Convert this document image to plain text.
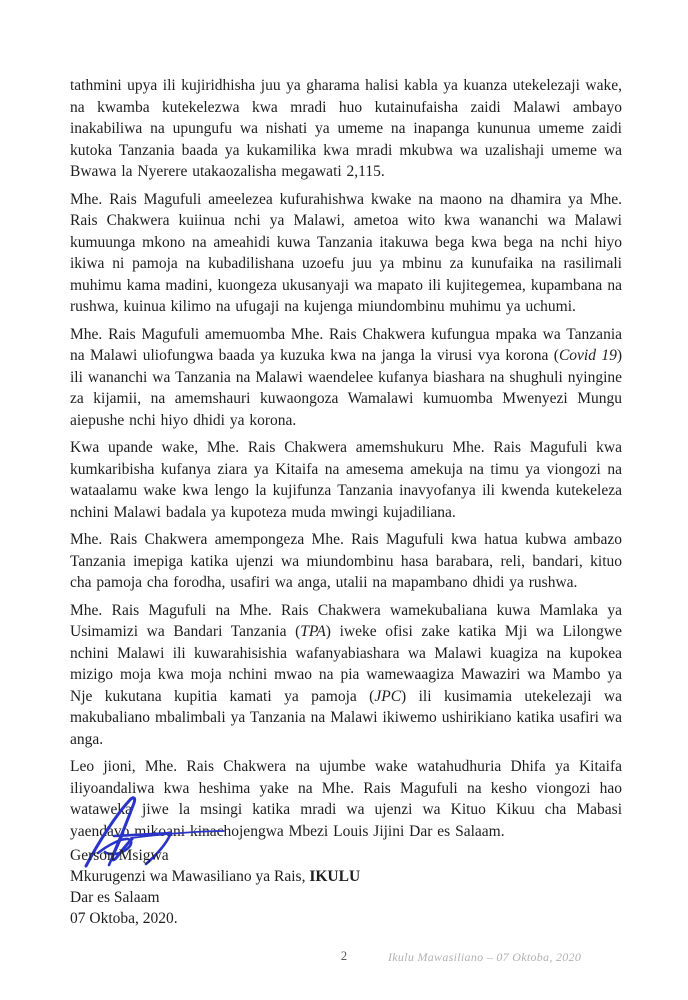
tathmini upya ili kujiridhisha juu ya gharama halisi kabla ya kuanza utekelezaji wake, na kwamba kutekelezwa kwa mradi huo kutainufaisha zaidi Malawi ambayo inakabiliwa na upungufu wa nishati ya umeme na inapanga kununua umeme zaidi kutoka Tanzania baada ya kukamilika kwa mradi mkubwa wa uzalishaji umeme wa Bwawa la Nyerere utakaozalisha megawati 2,115.

Mhe. Rais Magufuli ameelezea kufurahishwa kwake na maono na dhamira ya Mhe. Rais Chakwera kuiinua nchi ya Malawi, ametoa wito kwa wananchi wa Malawi kumuunga mkono na ameahidi kuwa Tanzania itakuwa bega kwa bega na nchi hiyo ikiwa ni pamoja na kubadilishana uzoefu juu ya mbinu za kunufaika na rasilimali muhimu kama madini, kuongeza ukusanyaji wa mapato ili kujitegemea, kupambana na rushwa, kuinua kilimo na ufugaji na kujenga miundombinu muhimu ya uchumi.

Mhe. Rais Magufuli amemuomba Mhe. Rais Chakwera kufungua mpaka wa Tanzania na Malawi uliofungwa baada ya kuzuka kwa na janga la virusi vya korona (Covid 19) ili wananchi wa Tanzania na Malawi waendelee kufanya biashara na shughuli nyingine za kijamii, na amemshauri kuwaongoza Wamalawi kumuomba Mwenyezi Mungu aiepushe nchi hiyo dhidi ya korona.

Kwa upande wake, Mhe. Rais Chakwera amemshukuru Mhe. Rais Magufuli kwa kumkaribisha kufanya ziara ya Kitaifa na amesema amekuja na timu ya viongozi na wataalamu wake kwa lengo la kujifunza Tanzania inavyofanya ili kwenda kutekeleza nchini Malawi badala ya kupoteza muda mwingi kujadiliana.

Mhe. Rais Chakwera amempongeza Mhe. Rais Magufuli kwa hatua kubwa ambazo Tanzania imepiga katika ujenzi wa miundombinu hasa barabara, reli, bandari, kituo cha pamoja cha forodha, usafiri wa anga, utalii na mapambano dhidi ya rushwa.

Mhe. Rais Magufuli na Mhe. Rais Chakwera wamekubaliana kuwa Mamlaka ya Usimamizi wa Bandari Tanzania (TPA) iweke ofisi zake katika Mji wa Lilongwe nchini Malawi ili kuwarahisishia wafanyabiashara wa Malawi kuagiza na kupokea mizigo moja kwa moja nchini mwao na pia wamewaagiza Mawaziri wa Mambo ya Nje kukutana kupitia kamati ya pamoja (JPC) ili kusimamia utekelezaji wa makubaliano mbalimbali ya Tanzania na Malawi ikiwemo ushirikiano katika usafiri wa anga.

Leo jioni, Mhe. Rais Chakwera na ujumbe wake watahudhuria Dhifa ya Kitaifa iliyoandaliwa kwa heshima yake na Mhe. Rais Magufuli na kesho viongozi hao wataweka jiwe la msingi katika mradi wa ujenzi wa Kituo Kikuu cha Mabasi yaendavo mikoani kinachojengwa Mbezi Louis Jijini Dar es Salaam.

Gerson Msigwa
Mkurugenzi wa Mawasiliano ya Rais, IKULU
Dar es Salaam
07 Oktoba, 2020.
2	Ikulu Mawasiliano – 07 Oktoba, 2020
